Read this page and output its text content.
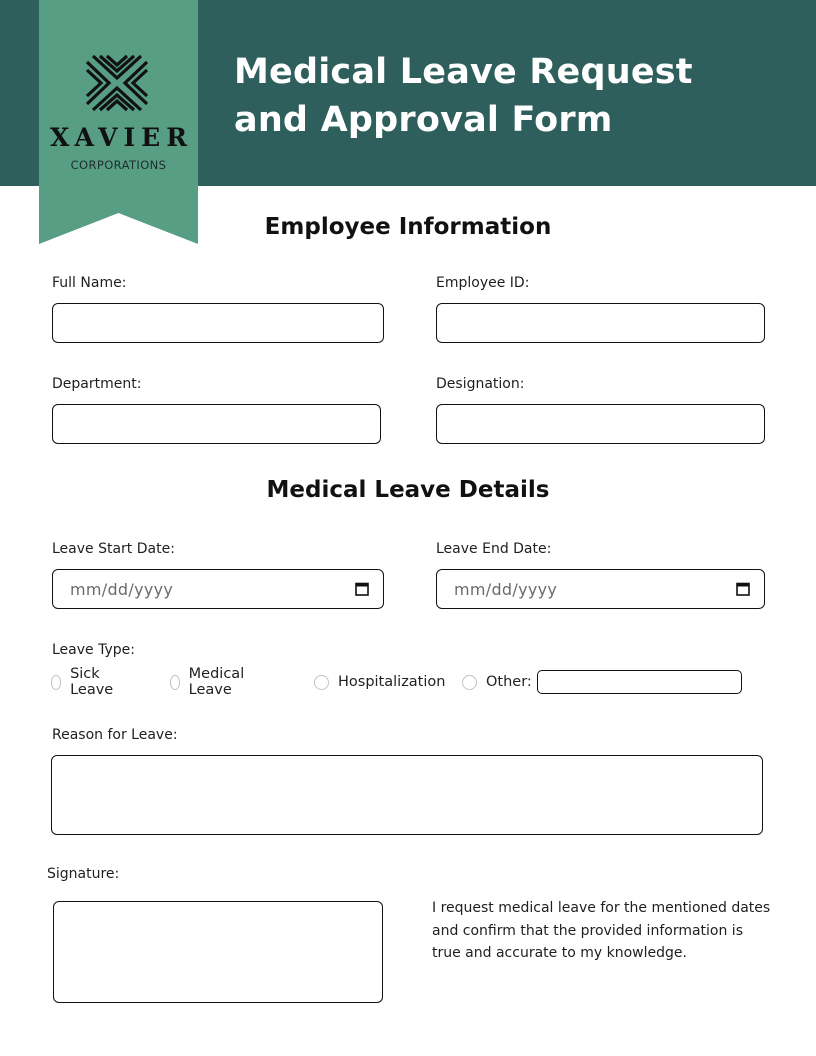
Medical Leave Request
and Approval Form
XAVIER
CORPORATIONS
Employee Information
Full Name:	Employee ID:
Department:	Designation:
Medical Leave Details
Leave Start Date:
mm/dd/yyyy
Leave End Date:
mm/dd/yyyy
Leave Type:
Sick Leave
Medical Leave	Hospitalization	Other:
Reason for Leave:
Signature:
I request medical leave for the mentioned dates and confirm that the provided information is true and accurate to my knowledge.
